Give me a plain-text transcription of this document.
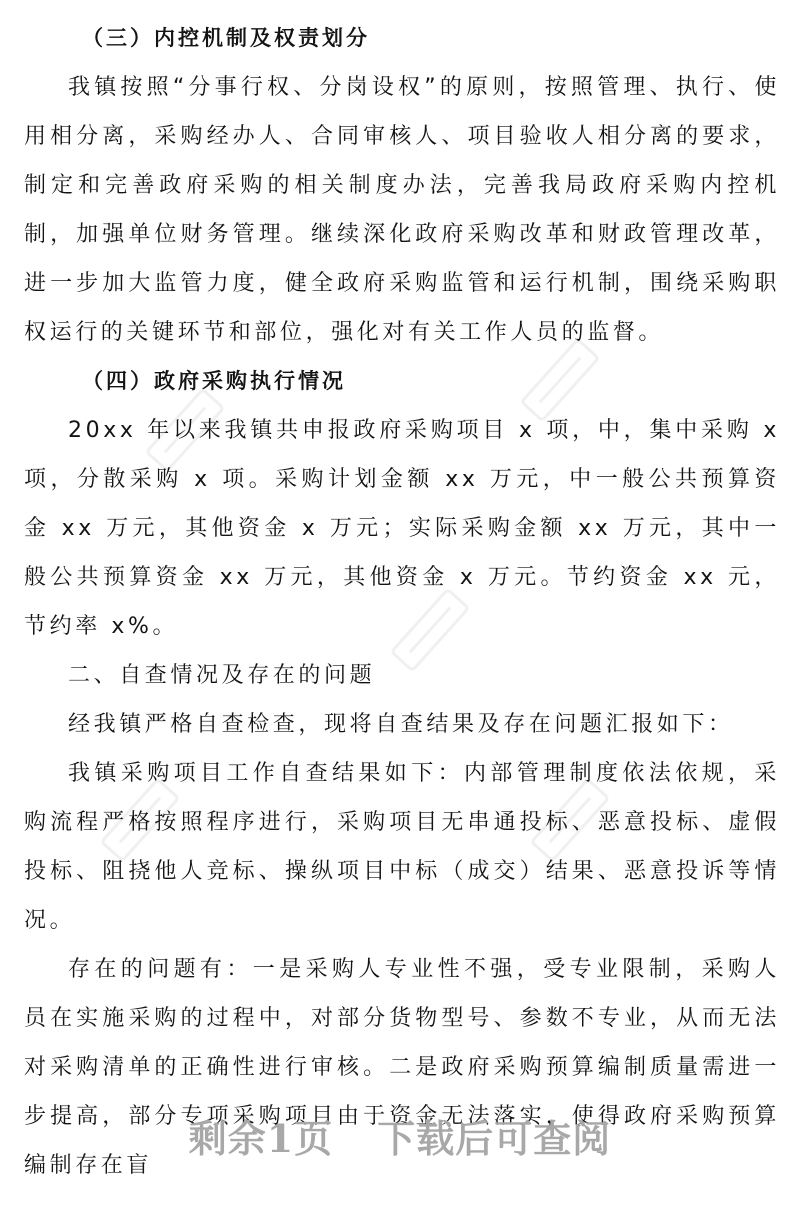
（三）内控机制及权责划分

我镇按照“分事行权、分岗设权”的原则，按照管理、执行、使用相分离，采购经办人、合同审核人、项目验收人相分离的要求，制定和完善政府采购的相关制度办法，完善我局政府采购内控机制，加强单位财务管理。继续深化政府采购改革和财政管理改革，进一步加大监管力度，健全政府采购监管和运行机制，围绕采购职权运行的关键环节和部位，强化对有关工作人员的监督。

（四）政府采购执行情况

20xx 年以来我镇共申报政府采购项目 x 项，中，集中采购 x 项，分散采购 x 项。采购计划金额 xx 万元，中一般公共预算资金 xx 万元，其他资金 x 万元；实际采购金额 xx 万元，其中一般公共预算资金 xx 万元，其他资金 x 万元。节约资金 xx 元，节约率 x%。

二、自查情况及存在的问题

经我镇严格自查检查，现将自查结果及存在问题汇报如下：

我镇采购项目工作自查结果如下：内部管理制度依法依规，采购流程严格按照程序进行，采购项目无串通投标、恶意投标、虚假投标、阻挠他人竞标、操纵项目中标（成交）结果、恶意投诉等情况。

存在的问题有：一是采购人专业性不强，受专业限制，采购人员在实施采购的过程中，对部分货物型号、参数不专业，从而无法对采购清单的正确性进行审核。二是政府采购预算编制质量需进一步提高，部分专项采购项目由于资金无法落实，使得政府采购预算编制存在盲

剩余1页 下载后可查阅
